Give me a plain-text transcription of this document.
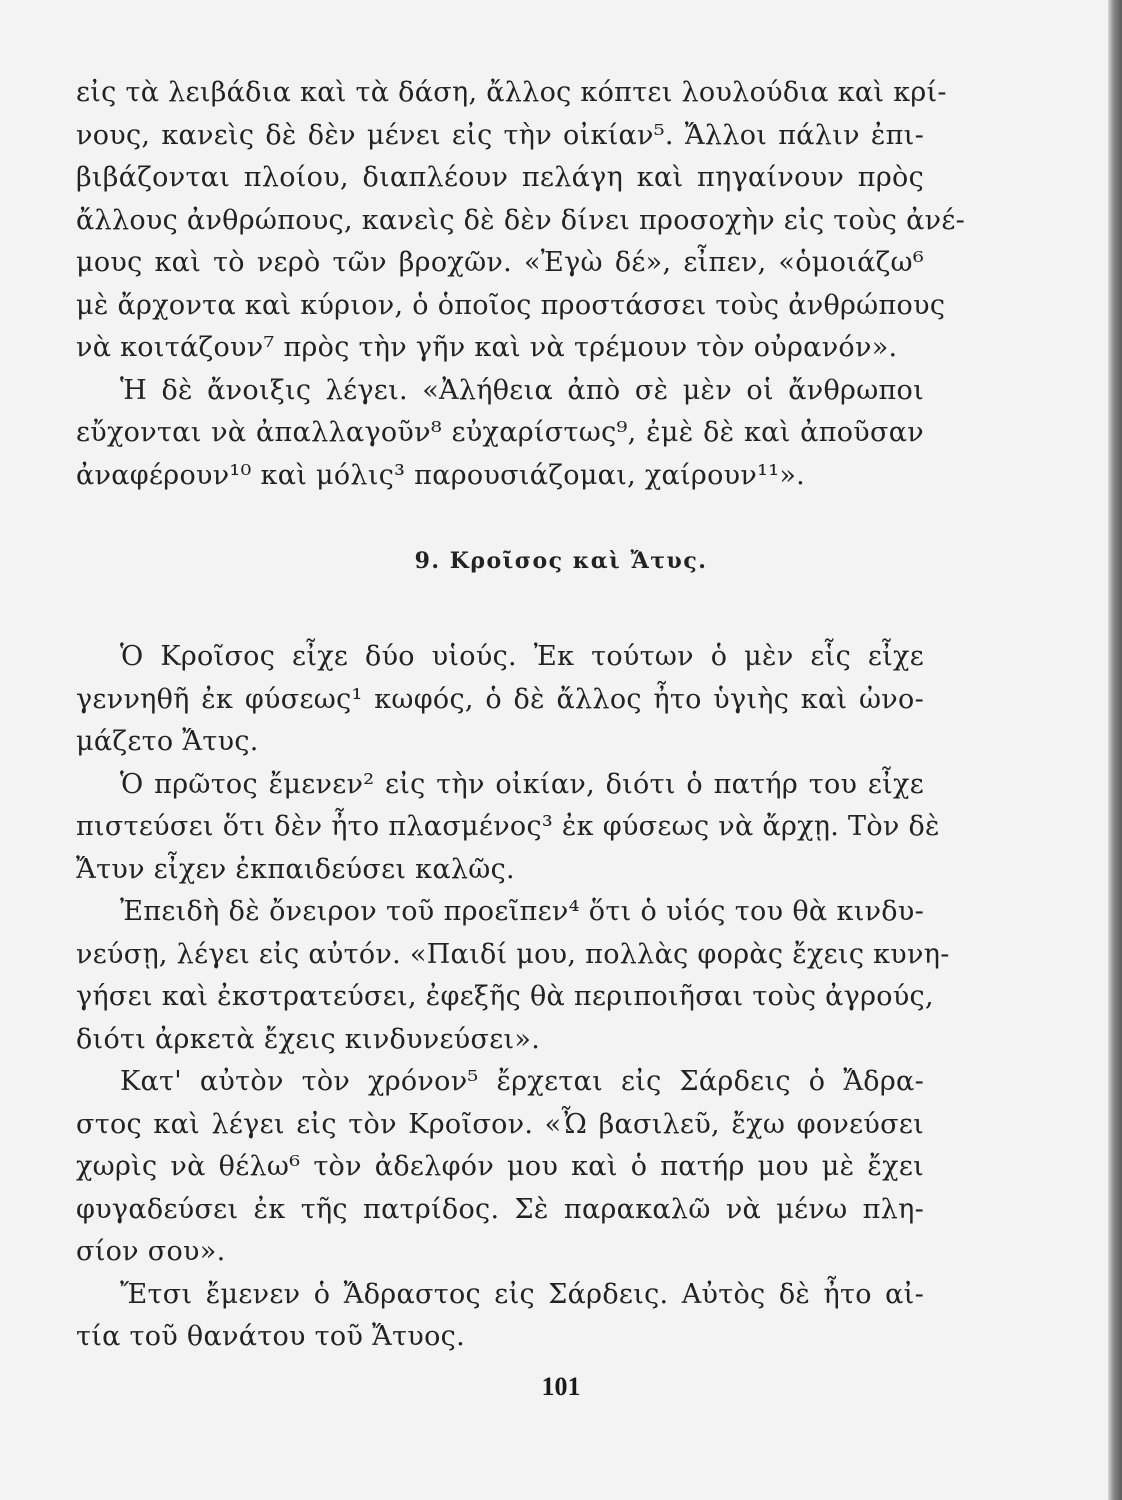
εἰς τὰ λειβάδια καὶ τὰ δάση, ἄλλος κόπτει λουλούδια καὶ κρί-
νους, κανεὶς δὲ δὲν μένει εἰς τὴν οἰκίαν⁵. Ἄλλοι πάλιν ἐπι-
βιβάζονται πλοίου, διαπλέουν πελάγη καὶ πηγαίνουν πρὸς
ἄλλους ἀνθρώπους, κανεὶς δὲ δὲν δίνει προσοχὴν εἰς τοὺς ἀνέ-
μους καὶ τὸ νερὸ τῶν βροχῶν. «Ἐγὼ δέ», εἶπεν, «ὁμοιάζω⁶
μὲ ἄρχοντα καὶ κύριον, ὁ ὁποῖος προστάσσει τοὺς ἀνθρώπους
νὰ κοιτάζουν⁷ πρὸς τὴν γῆν καὶ νὰ τρέμουν τὸν οὐρανόν».
Ἡ δὲ ἄνοιξις λέγει. «Ἀλήθεια ἀπὸ σὲ μὲν οἱ ἄνθρωποι
εὔχονται νὰ ἀπαλλαγοῦν⁸ εὐχαρίστως⁹, ἐμὲ δὲ καὶ ἀποῦσαν
ἀναφέρουν¹⁰ καὶ μόλις³ παρουσιάζομαι, χαίρουν¹¹».
9. Κροῖσος καὶ Ἄτυς.
Ὁ Κροῖσος εἶχε δύο υἱούς. Ἐκ τούτων ὁ μὲν εἷς εἶχε
γεννηθῆ ἐκ φύσεως¹ κωφός, ὁ δὲ ἄλλος ἦτο ὑγιὴς καὶ ὠνο-
μάζετο Ἄτυς.
Ὁ πρῶτος ἔμενεν² εἰς τὴν οἰκίαν, διότι ὁ πατήρ του εἶχε
πιστεύσει ὅτι δὲν ἦτο πλασμένος³ ἐκ φύσεως νὰ ἄρχῃ. Τὸν δὲ
Ἄτυν εἶχεν ἐκπαιδεύσει καλῶς.
Ἐπειδὴ δὲ ὄνειρον τοῦ προεῖπεν⁴ ὅτι ὁ υἱός του θὰ κινδυ-
νεύσῃ, λέγει εἰς αὐτόν. «Παιδί μου, πολλὰς φορὰς ἔχεις κυνη-
γήσει καὶ ἐκστρατεύσει, ἐφεξῆς θὰ περιποιῆσαι τοὺς ἀγρούς,
διότι ἀρκετὰ ἔχεις κινδυνεύσει».
Κατ' αὐτὸν τὸν χρόνον⁵ ἔρχεται εἰς Σάρδεις ὁ Ἄδρα-
στος καὶ λέγει εἰς τὸν Κροῖσον. «Ὦ βασιλεῦ, ἔχω φονεύσει
χωρὶς νὰ θέλω⁶ τὸν ἀδελφόν μου καὶ ὁ πατήρ μου μὲ ἔχει
φυγαδεύσει ἐκ τῆς πατρίδος. Σὲ παρακαλῶ νὰ μένω πλη-
σίον σου».
Ἔτσι ἔμενεν ὁ Ἄδραστος εἰς Σάρδεις. Αὐτὸς δὲ ἦτο αἰ-
τία τοῦ θανάτου τοῦ Ἄτυος.
101
